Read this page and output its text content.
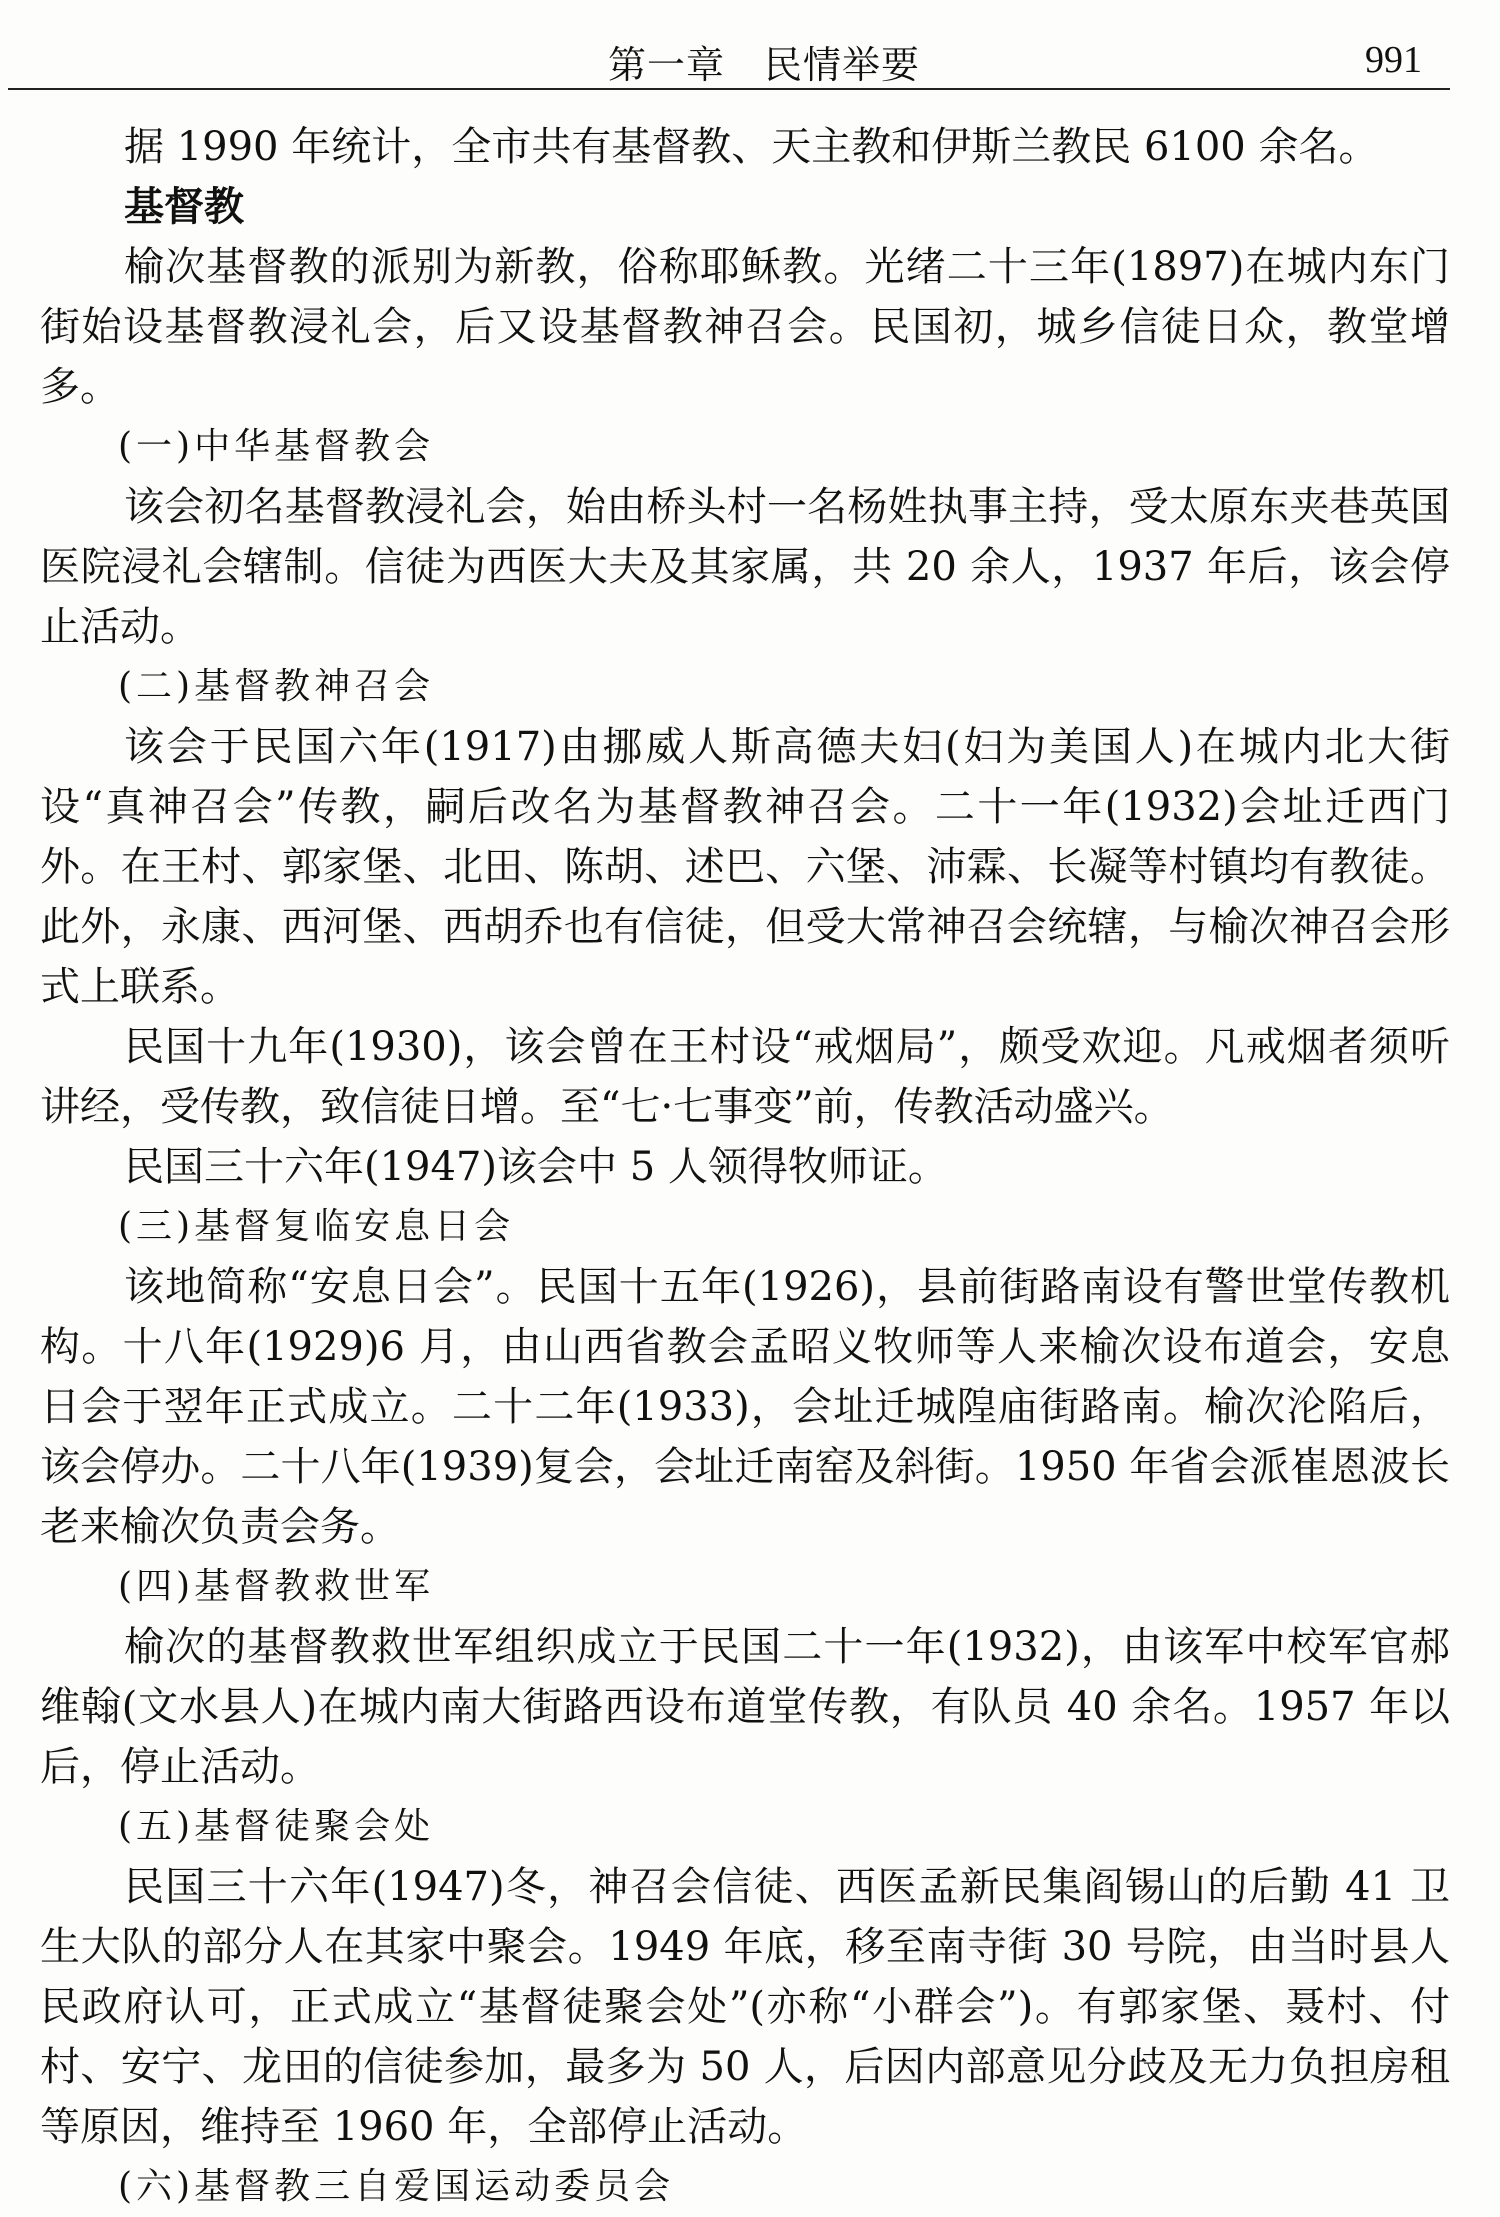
第一章　民情举要	991

据 1990 年统计，全市共有基督教、天主教和伊斯兰教民 6100 余名。

基督教

榆次基督教的派别为新教，俗称耶稣教。光绪二十三年(1897)在城内东门街始设基督教浸礼会，后又设基督教神召会。民国初，城乡信徒日众，教堂增多。

(一)中华基督教会

该会初名基督教浸礼会，始由桥头村一名杨姓执事主持，受太原东夹巷英国医院浸礼会辖制。信徒为西医大夫及其家属，共 20 余人，1937 年后，该会停止活动。

(二)基督教神召会

该会于民国六年(1917)由挪威人斯高德夫妇(妇为美国人)在城内北大街设“真神召会”传教，嗣后改名为基督教神召会。二十一年(1932)会址迁西门外。在王村、郭家堡、北田、陈胡、述巴、六堡、沛霖、长凝等村镇均有教徒。此外，永康、西河堡、西胡乔也有信徒，但受大常神召会统辖，与榆次神召会形式上联系。

民国十九年(1930)，该会曾在王村设“戒烟局”，颇受欢迎。凡戒烟者须听讲经，受传教，致信徒日增。至“七·七事变”前，传教活动盛兴。

民国三十六年(1947)该会中 5 人领得牧师证。

(三)基督复临安息日会

该地简称“安息日会”。民国十五年(1926)，县前街路南设有警世堂传教机构。十八年(1929)6 月，由山西省教会孟昭义牧师等人来榆次设布道会，安息日会于翌年正式成立。二十二年(1933)，会址迁城隍庙街路南。榆次沦陷后，该会停办。二十八年(1939)复会，会址迁南窑及斜街。1950 年省会派崔恩波长老来榆次负责会务。

(四)基督教救世军

榆次的基督教救世军组织成立于民国二十一年(1932)，由该军中校军官郝维翰(文水县人)在城内南大街路西设布道堂传教，有队员 40 余名。1957 年以后，停止活动。

(五)基督徒聚会处

民国三十六年(1947)冬，神召会信徒、西医孟新民集阎锡山的后勤 41 卫生大队的部分人在其家中聚会。1949 年底，移至南寺街 30 号院，由当时县人民政府认可，正式成立“基督徒聚会处”(亦称“小群会”)。有郭家堡、聂村、付村、安宁、龙田的信徒参加，最多为 50 人，后因内部意见分歧及无力负担房租等原因，维持至 1960 年，全部停止活动。

(六)基督教三自爱国运动委员会
